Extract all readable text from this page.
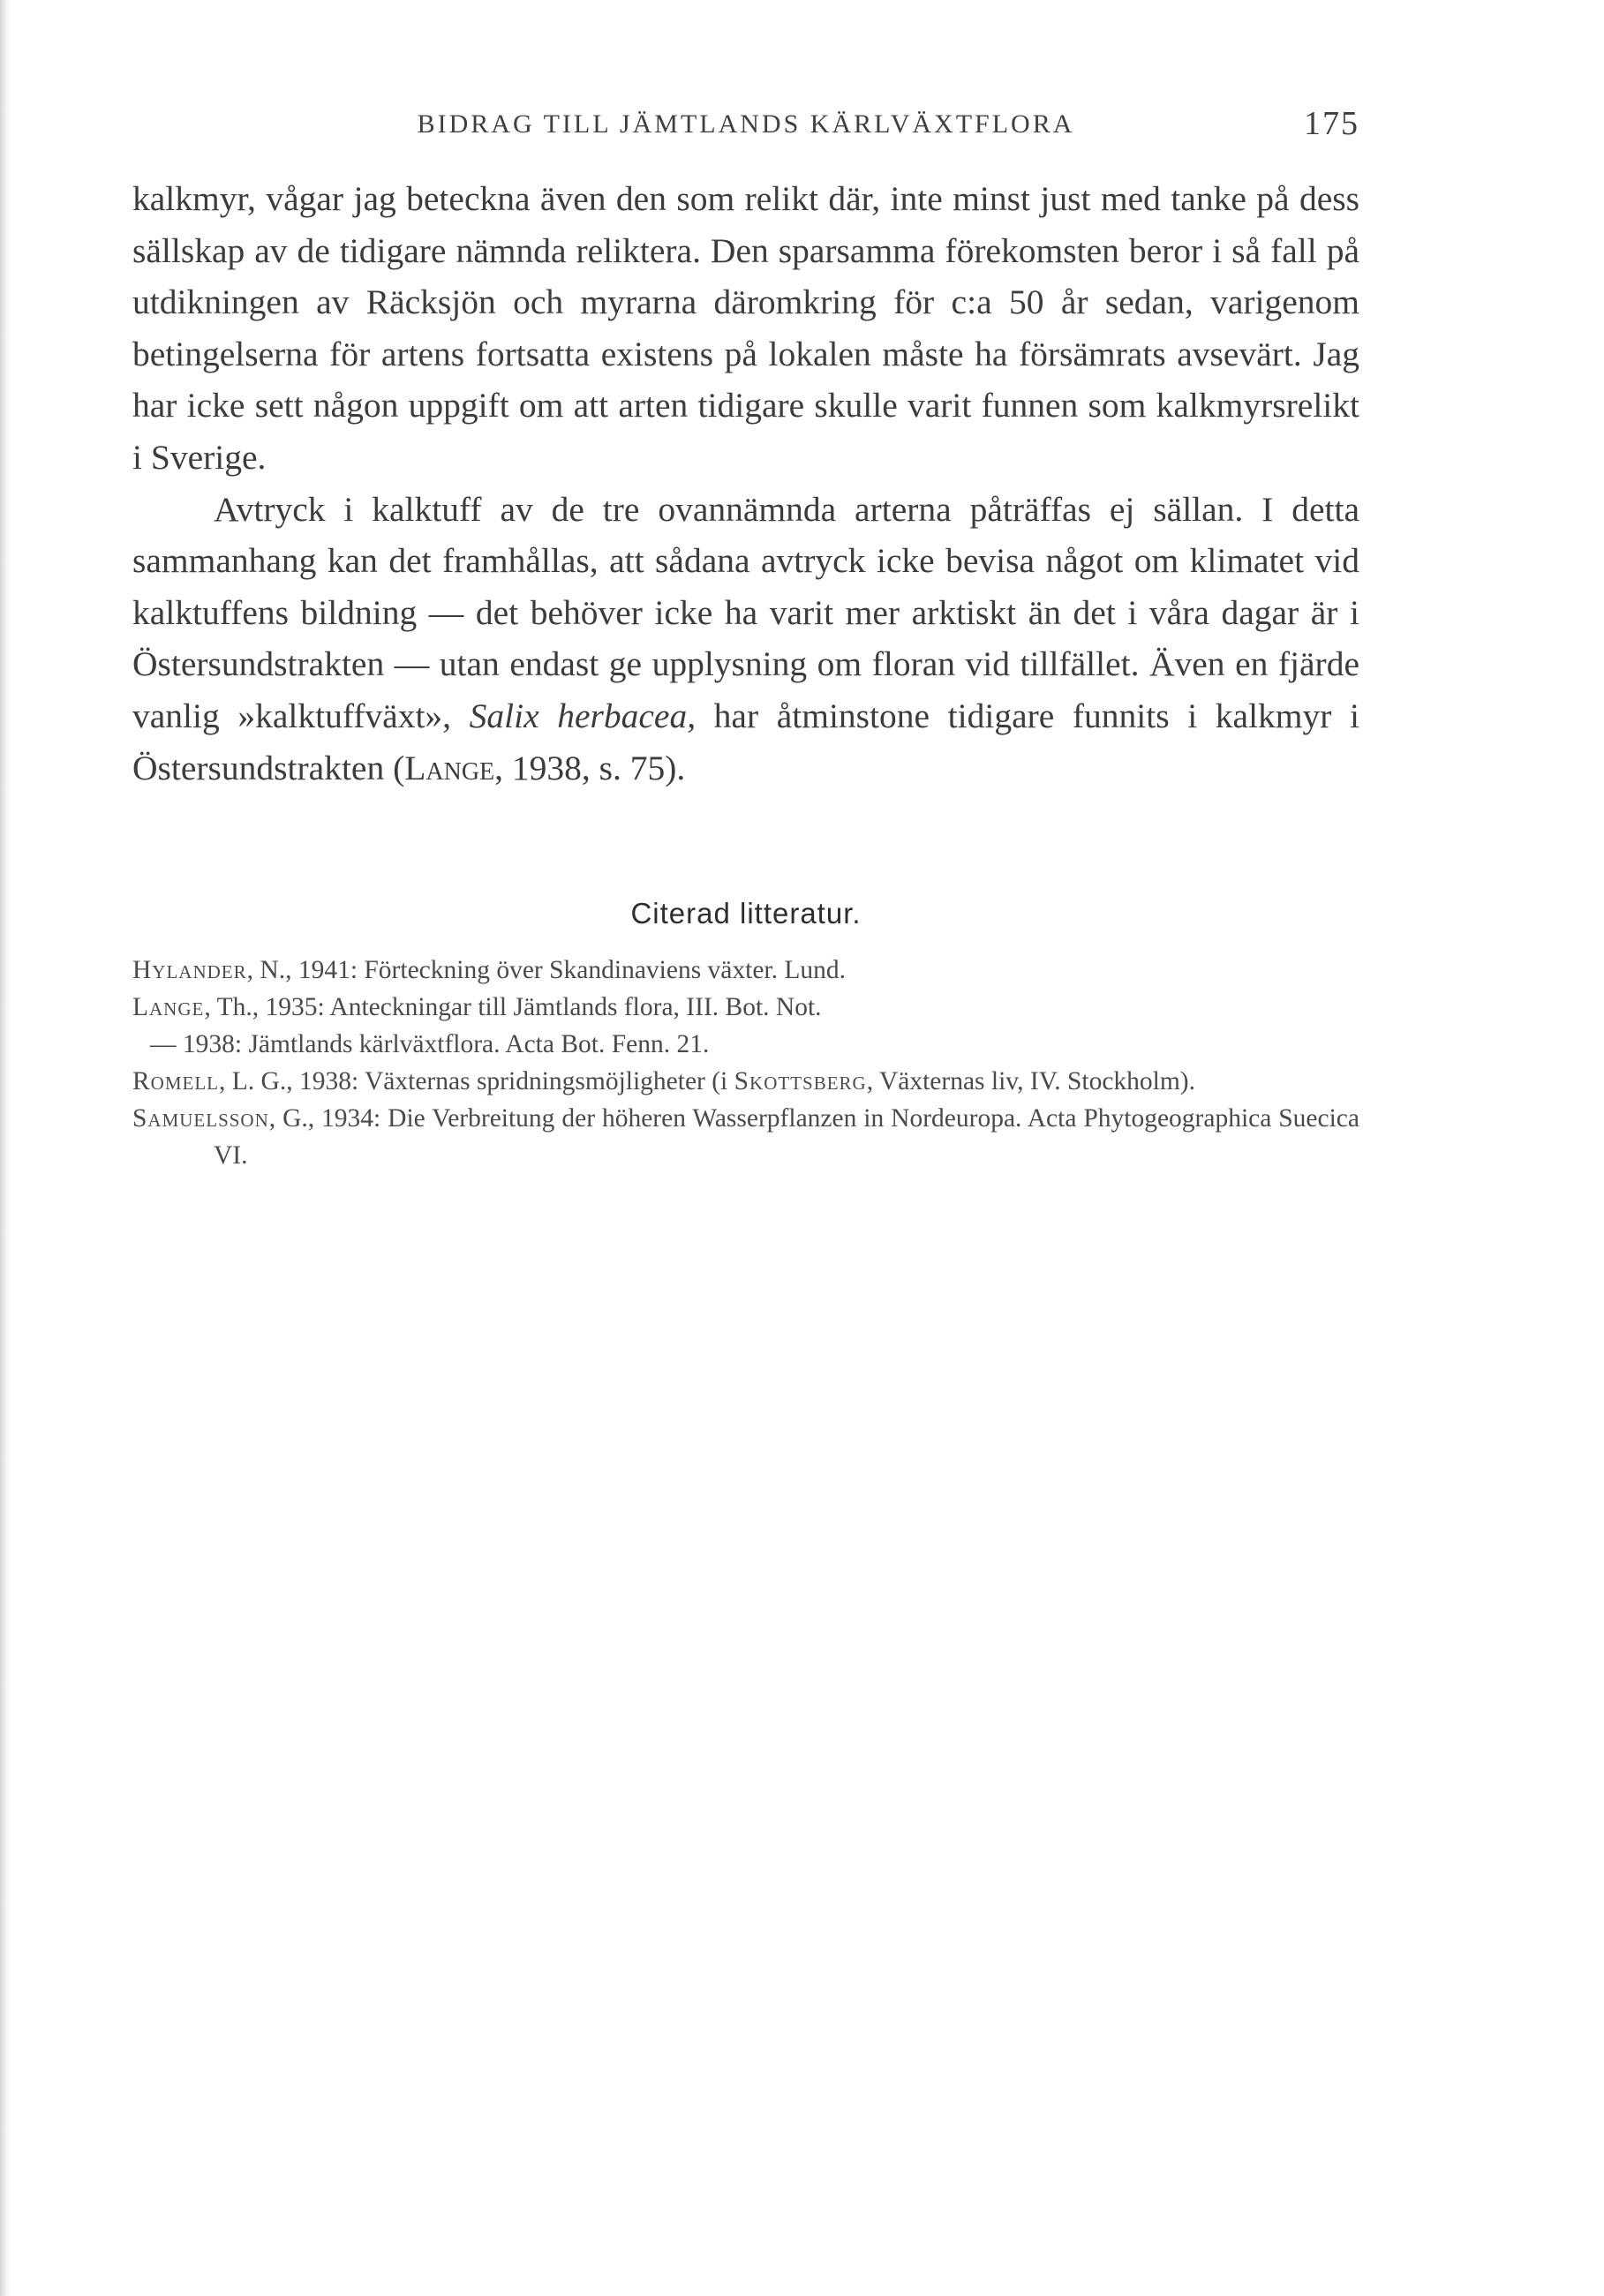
BIDRAG TILL JÄMTLANDS KÄRLVÄXTFLORA	175

kalkmyr, vågar jag beteckna även den som relikt där, inte minst just med tanke på dess sällskap av de tidigare nämnda reliktera. Den sparsamma förekomsten beror i så fall på utdikningen av Räcksjön och myrarna däromkring för c:a 50 år sedan, varigenom betingelserna för artens fortsatta existens på lokalen måste ha försämrats avsevärt. Jag har icke sett någon uppgift om att arten tidigare skulle varit funnen som kalkmyrsrelikt i Sverige.

Avtryck i kalktuff av de tre ovannämnda arterna påträffas ej sällan. I detta sammanhang kan det framhållas, att sådana avtryck icke bevisa något om klimatet vid kalktuffens bildning — det behöver icke ha varit mer arktiskt än det i våra dagar är i Östersundstrakten — utan endast ge upplysning om floran vid tillfället. Även en fjärde vanlig »kalktuffväxt», Salix herbacea, har åtminstone tidigare funnits i kalkmyr i Östersundstrakten (Lange, 1938, s. 75).

Citerad litteratur.
Hylander, N., 1941: Förteckning över Skandinaviens växter. Lund.
Lange, Th., 1935: Anteckningar till Jämtlands flora, III. Bot. Not.
— 1938: Jämtlands kärlväxtflora. Acta Bot. Fenn. 21.
Romell, L. G., 1938: Växternas spridningsmöjligheter (i Skottsberg, Växternas liv, IV. Stockholm).
Samuelsson, G., 1934: Die Verbreitung der höheren Wasserpflanzen in Nordeuropa. Acta Phytogeographica Suecica VI.
